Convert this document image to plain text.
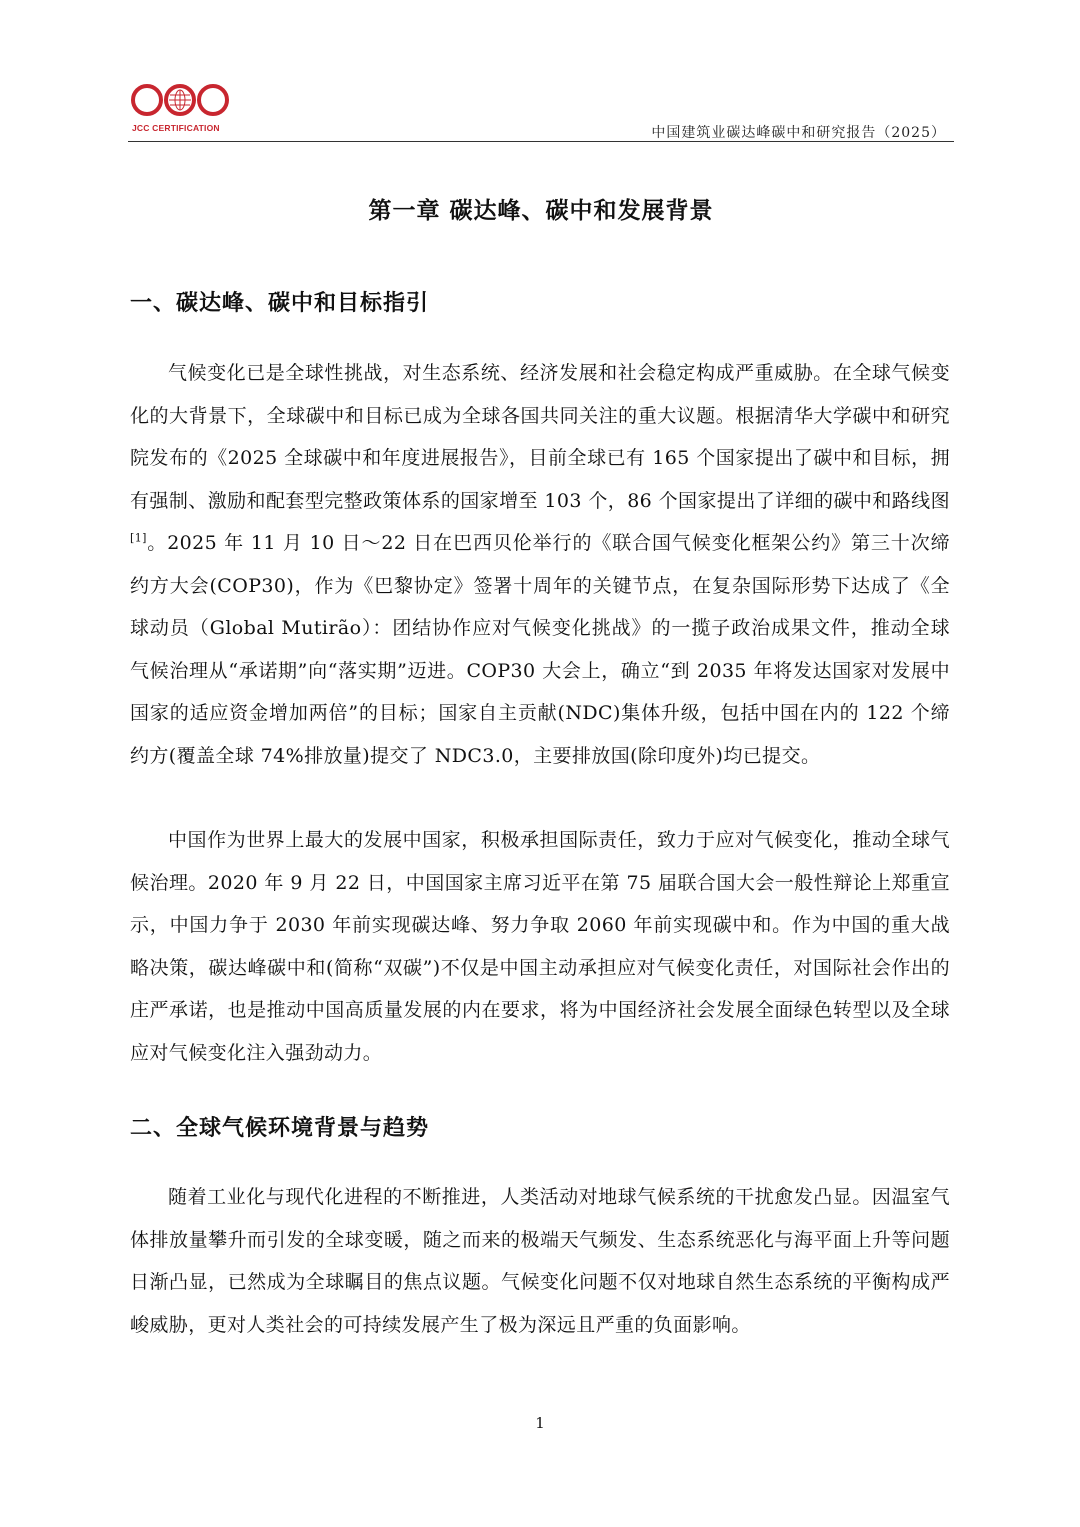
JCC CERTIFICATION	中国建筑业碳达峰碳中和研究报告（2025）
第一章 碳达峰、碳中和发展背景
一、碳达峰、碳中和目标指引

气候变化已是全球性挑战，对生态系统、经济发展和社会稳定构成严重威胁。在全球气候变化的大背景下，全球碳中和目标已成为全球各国共同关注的重大议题。根据清华大学碳中和研究院发布的《2025 全球碳中和年度进展报告》，目前全球已有 165 个国家提出了碳中和目标，拥有强制、激励和配套型完整政策体系的国家增至 103 个，86 个国家提出了详细的碳中和路线图[1]。2025 年 11 月 10 日～22 日在巴西贝伦举行的《联合国气候变化框架公约》第三十次缔约方大会(COP30)，作为《巴黎协定》签署十周年的关键节点，在复杂国际形势下达成了《全球动员（Global Mutirão）：团结协作应对气候变化挑战》的一揽子政治成果文件，推动全球气候治理从“承诺期”向“落实期”迈进。COP30 大会上，确立“到 2035 年将发达国家对发展中国家的适应资金增加两倍”的目标；国家自主贡献(NDC)集体升级，包括中国在内的 122 个缔约方(覆盖全球 74%排放量)提交了 NDC3.0，主要排放国(除印度外)均已提交。

中国作为世界上最大的发展中国家，积极承担国际责任，致力于应对气候变化，推动全球气候治理。2020 年 9 月 22 日，中国国家主席习近平在第 75 届联合国大会一般性辩论上郑重宣示，中国力争于 2030 年前实现碳达峰、努力争取 2060 年前实现碳中和。作为中国的重大战略决策，碳达峰碳中和(简称“双碳”)不仅是中国主动承担应对气候变化责任，对国际社会作出的庄严承诺，也是推动中国高质量发展的内在要求，将为中国经济社会发展全面绿色转型以及全球应对气候变化注入强劲动力。

二、全球气候环境背景与趋势

随着工业化与现代化进程的不断推进，人类活动对地球气候系统的干扰愈发凸显。因温室气体排放量攀升而引发的全球变暖，随之而来的极端天气频发、生态系统恶化与海平面上升等问题日渐凸显，已然成为全球瞩目的焦点议题。气候变化问题不仅对地球自然生态系统的平衡构成严峻威胁，更对人类社会的可持续发展产生了极为深远且严重的负面影响。

1
